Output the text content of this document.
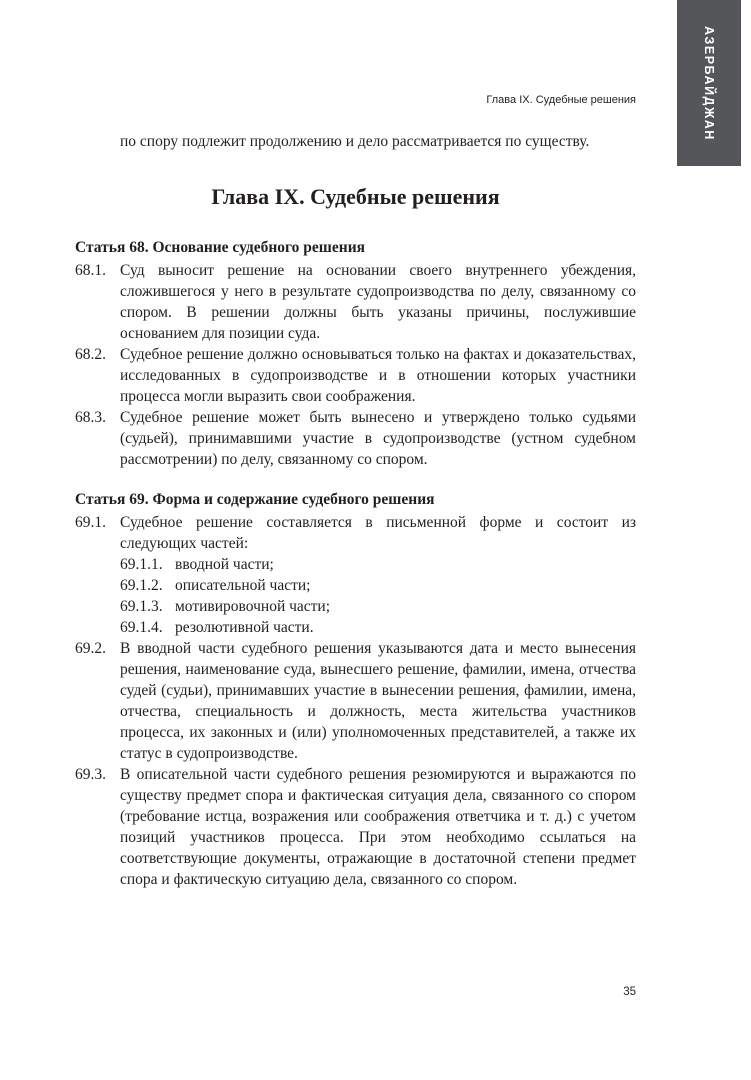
АЗЕРБАЙДЖАН
Глава IX. Судебные решения

по спору подлежит продолжению и дело рассматривается по существу.

Глава IX. Судебные решения
Статья 68. Основание судебного решения
68.1. Суд выносит решение на основании своего внутреннего убеждения, сложившегося у него в результате судопроизводства по делу, связанному со спором. В решении должны быть указаны причины, послужившие основанием для позиции суда.
68.2. Судебное решение должно основываться только на фактах и доказательствах, исследованных в судопроизводстве и в отношении которых участники процесса могли выразить свои соображения.
68.3. Судебное решение может быть вынесено и утверждено только судьями (судьей), принимавшими участие в судопроизводстве (устном судебном рассмотрении) по делу, связанному со спором.
Статья 69. Форма и содержание судебного решения
69.1. Судебное решение составляется в письменной форме и состоит из следующих частей:
69.1.1. вводной части;
69.1.2. описательной части;
69.1.3. мотивировочной части;
69.1.4. резолютивной части.
69.2. В вводной части судебного решения указываются дата и место вынесения решения, наименование суда, вынесшего решение, фамилии, имена, отчества судей (судьи), принимавших участие в вынесении решения, фамилии, имена, отчества, специальность и должность, места жительства участников процесса, их законных и (или) уполномоченных представителей, а также их статус в судопроизводстве.
69.3. В описательной части судебного решения резюмируются и выражаются по существу предмет спора и фактическая ситуация дела, связанного со спором (требование истца, возражения или соображения ответчика и т. д.) с учетом позиций участников процесса. При этом необходимо ссылаться на соответствующие документы, отражающие в достаточной степени предмет спора и фактическую ситуацию дела, связанного со спором.
35
